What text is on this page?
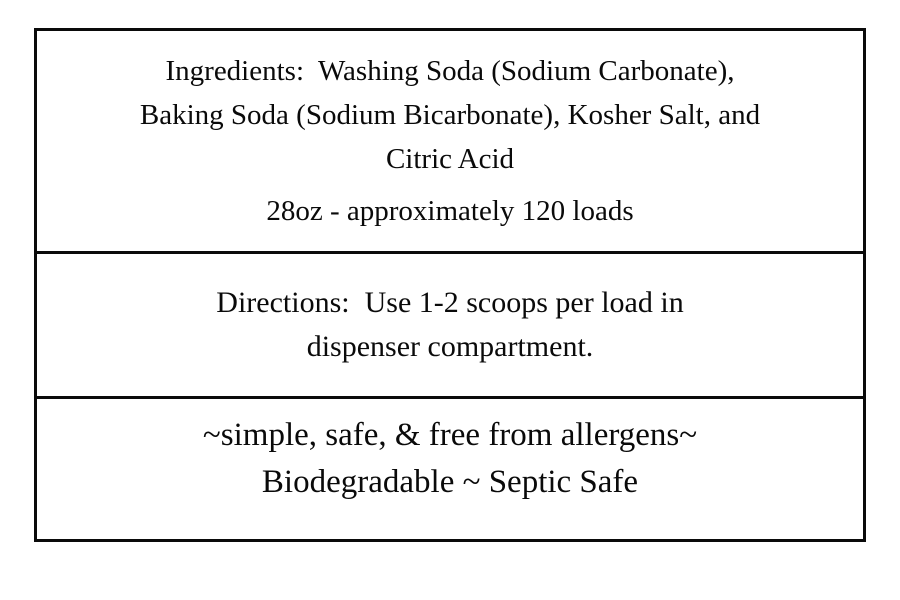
Ingredients:  Washing Soda (Sodium Carbonate),
Baking Soda (Sodium Bicarbonate), Kosher Salt, and
Citric Acid
28oz - approximately 120 loads
Directions:  Use 1-2 scoops per load in
dispenser compartment.
~simple, safe, & free from allergens~
Biodegradable ~ Septic Safe
